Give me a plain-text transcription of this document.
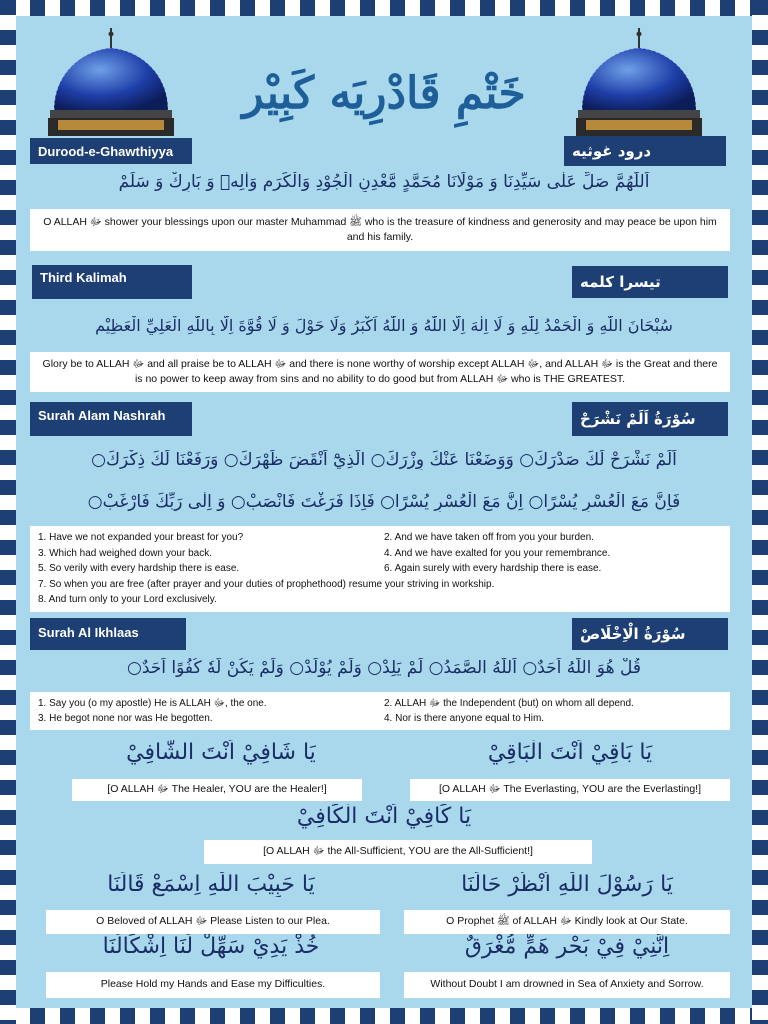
خَتْمِ قَادْرِيَه كَبِيْر
Durood-e-Ghawthiyya	درود غوثيه
اَللّٰهُمَّ صَلِّ عَلٰى سَيِّدِنَا وَ مَوْلَانَا مُحَمَّدٍ مَّعْدِنِ الْجُوْدِ وَالْكَرَمِ وَاٰلِهٖ وَ بَارِكْ وَ سَلِّمْ
O ALLAH ﷻ shower your blessings upon our master Muhammad ﷺ who is the treasure of kindness and generosity and may peace be upon him and his family.
Third Kalimah	تيسرا كلمه
سُبْحَانَ اللّٰهِ وَ الْحَمْدُ لِلّٰهِ وَ لَا اِلٰهَ اِلَّا اللّٰهُ وَ اللّٰهُ اَكْبَرُ وَلَا حَوْلَ وَ لَا قُوَّةَ اِلَّا بِاللّٰهِ الْعَلِيِّ الْعَظِيْمِ
Glory be to ALLAH ﷻ and all praise be to ALLAH ﷻ and there is none worthy of worship except ALLAH ﷻ, and ALLAH ﷻ is the Great and there is no power to keep away from sins and no ability to do good but from ALLAH ﷻ who is THE GREATEST.
Surah Alam Nashrah	سُوْرَةُ اَلَمْ نَشْرَحْ
اَلَمْ نَشْرَحْ لَكَ صَدْرَكَ○ وَوَضَعْنَا عَنْكَ وِزْرَكَ○ الَّذِيْٓ اَنْقَضَ ظَهْرَكَ○ وَرَفَعْنَا لَكَ ذِكْرَكَ○
فَاِنَّ مَعَ الْعُسْرِ يُسْرًا○ اِنَّ مَعَ الْعُسْرِ يُسْرًا○ فَاِذَا فَرَغْتَ فَانْصَبْ○ وَ اِلٰى رَبِّكَ فَارْغَبْ○
1. Have we not expanded your breast for you?	2. And we have taken off from you your burden.
3. Which had weighed down your back.	4. And we have exalted for you your remembrance.
5. So verily with every hardship there is ease.	6. Again surely with every hardship there is ease.
7. So when you are free (after prayer and your duties of prophethood) resume your striving in workship.
8. And turn only to your Lord exclusively.
Surah Al Ikhlaas	سُوْرَةُ الْاِخْلَاصْ
قُلْ هُوَ اللّٰهُ اَحَدٌ○ اَللّٰهُ الصَّمَدُ○ لَمْ يَلِدْ○ وَلَمْ يُوْلَدْ○ وَلَمْ يَكُنْ لَّهٗ كُفُوًا اَحَدٌ○
1. Say you (o my apostle) He is ALLAH ﷻ, the one.	2. ALLAH ﷻ the Independent (but) on whom all depend.
3. He begot none nor was He begotten.	4. Nor is there anyone equal to Him.
يَا شَافِيْ اَنْتَ الشَّافِيْ
[O ALLAH ﷻ The Healer, YOU are the Healer!]
يَا بَاقِيْ اَنْتَ الْبَاقِيْ
[O ALLAH ﷻ The Everlasting, YOU are the Everlasting!]
يَا كَافِيْ اَنْتَ الْكَافِيْ
[O ALLAH ﷻ the All-Sufficient, YOU are the All-Sufficient!]
يَا حَبِيْبَ اللّٰهِ اِسْمَعْ قَالَنَا
O Beloved of ALLAH ﷻ Please Listen to our Plea.
يَا رَسُوْلَ اللّٰهِ اُنْظُرْ حَالَنَا
O Prophet ﷺ of ALLAH ﷻ Kindly look at Our State.
خُذْ يَدِيْ سَهِّلْ لَنَا اِشْكَالَنَا
Please Hold my Hands and Ease my Difficulties.
اِنَّنِيْ فِيْ بَحْرِ هَمٍّ مُّغْرَقٌ
Without Doubt I am drowned in Sea of Anxiety and Sorrow.
